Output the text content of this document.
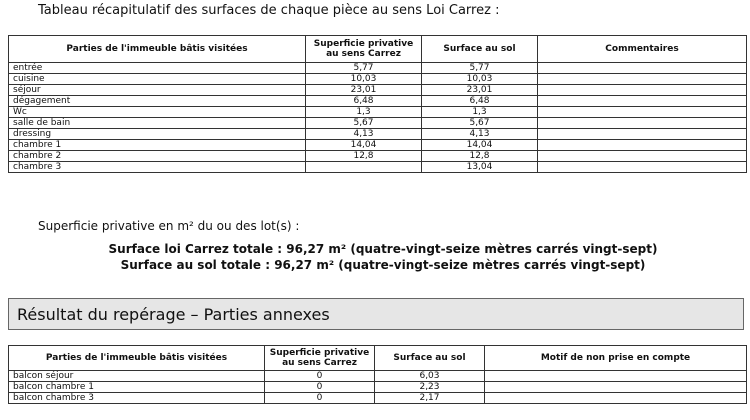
Tableau récapitulatif des surfaces de chaque pièce au sens Loi Carrez :
Parties de l'immeuble bâtis visitées	Superficie privative au sens Carrez	Surface au sol	Commentaires
entrée	5,77	5,77	
cuisine	10,03	10,03	
séjour	23,01	23,01	
dégagement	6,48	6,48	
Wc	1,3	1,3	
salle de bain	5,67	5,67	
dressing	4,13	4,13	
chambre 1	14,04	14,04	
chambre 2	12,8	12,8	
chambre 3		13,04	
Superficie privative en m² du ou des lot(s) :
Surface loi Carrez totale : 96,27 m² (quatre-vingt-seize mètres carrés vingt-sept)
Surface au sol totale : 96,27 m² (quatre-vingt-seize mètres carrés vingt-sept)
Résultat du repérage – Parties annexes
Parties de l'immeuble bâtis visitées	Superficie privative au sens Carrez	Surface au sol	Motif de non prise en compte
balcon séjour	0	6,03	
balcon chambre 1	0	2,23	
balcon chambre 3	0	2,17	
